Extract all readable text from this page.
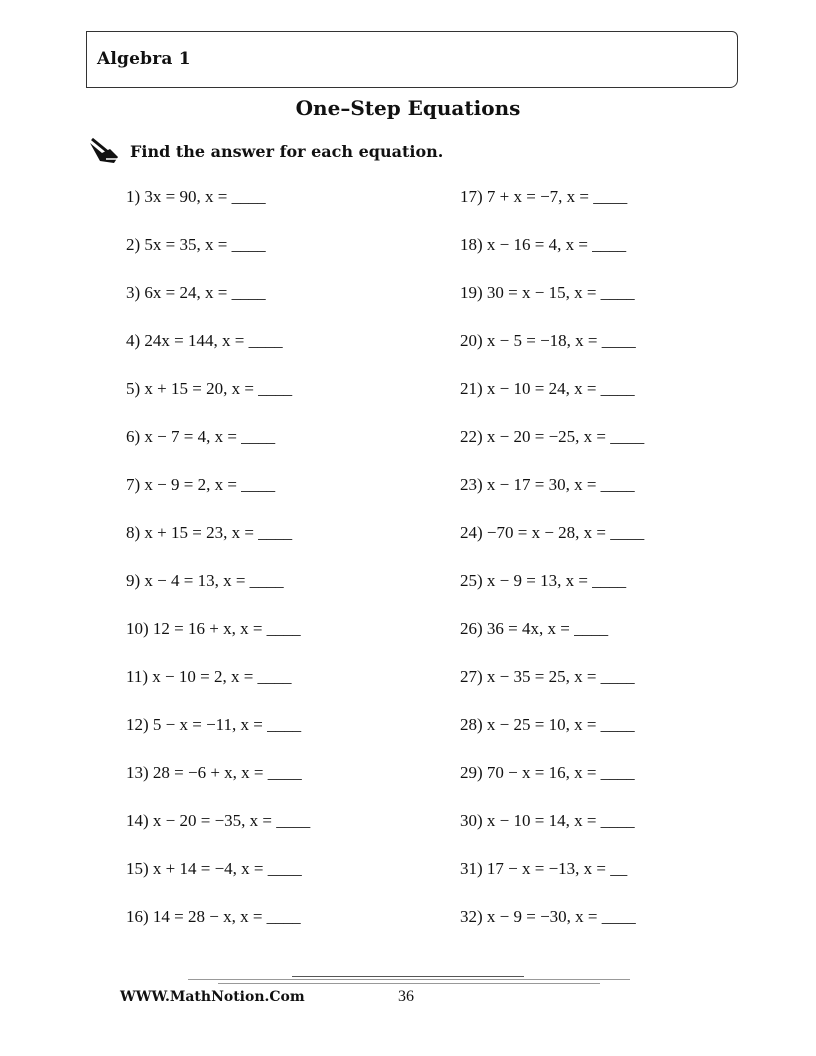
Algebra 1
One–Step Equations
Find the answer for each equation.
1) 3x = 90, x = ____
2) 5x = 35, x = ____
3) 6x = 24, x = ____
4) 24x = 144, x = ____
5) x + 15 = 20, x = ____
6) x − 7 = 4, x = ____
7) x − 9 = 2, x = ____
8) x + 15 = 23, x = ____
9) x − 4 = 13, x = ____
10) 12 = 16 + x, x = ____
11) x − 10 = 2, x = ____
12) 5 − x = −11, x = ____
13) 28 = −6 + x, x = ____
14) x − 20 = −35, x = ____
15) x + 14 = −4, x = ____
16) 14 = 28 − x, x = ____
17) 7 + x = −7, x = ____
18) x − 16 = 4, x = ____
19) 30 = x − 15, x = ____
20) x − 5 = −18, x = ____
21) x − 10 = 24, x = ____
22) x − 20 = −25, x = ____
23) x − 17 = 30, x = ____
24) −70 = x − 28, x = ____
25) x − 9 = 13, x = ____
26) 36 = 4x, x = ____
27) x − 35 = 25, x = ____
28) x − 25 = 10, x = ____
29) 70 − x = 16, x = ____
30) x − 10 = 14, x = ____
31) 17 − x = −13, x = __
32) x − 9 = −30, x = ____
WWW.MathNotion.Com	36
